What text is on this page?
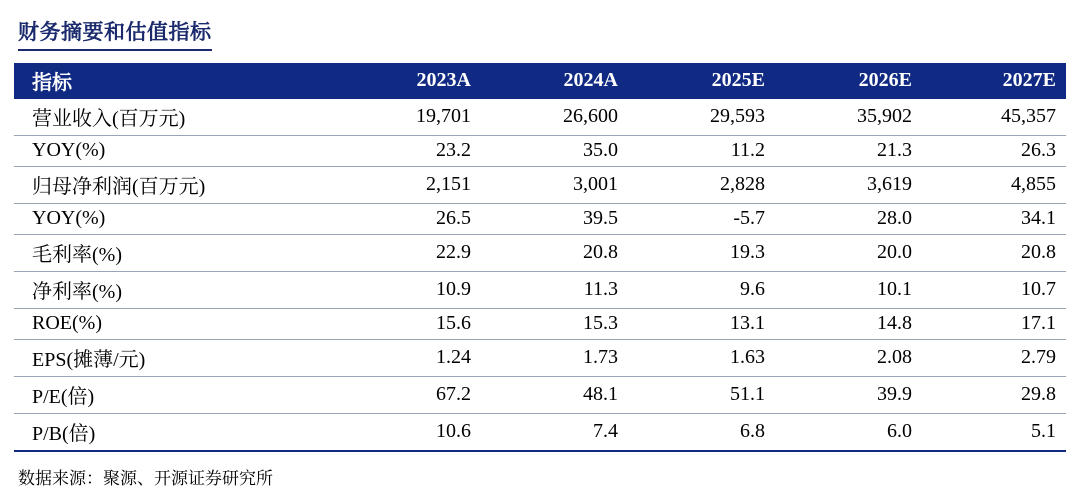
财务摘要和估值指标
指标	2023A	2024A	2025E	2026E	2027E
营业收入(百万元)	19,701	26,600	29,593	35,902	45,357
YOY(%)	23.2	35.0	11.2	21.3	26.3
归母净利润(百万元)	2,151	3,001	2,828	3,619	4,855
YOY(%)	26.5	39.5	-5.7	28.0	34.1
毛利率(%)	22.9	20.8	19.3	20.0	20.8
净利率(%)	10.9	11.3	9.6	10.1	10.7
ROE(%)	15.6	15.3	13.1	14.8	17.1
EPS(摊薄/元)	1.24	1.73	1.63	2.08	2.79
P/E(倍)	67.2	48.1	51.1	39.9	29.8
P/B(倍)	10.6	7.4	6.8	6.0	5.1
数据来源：聚源、开源证券研究所
